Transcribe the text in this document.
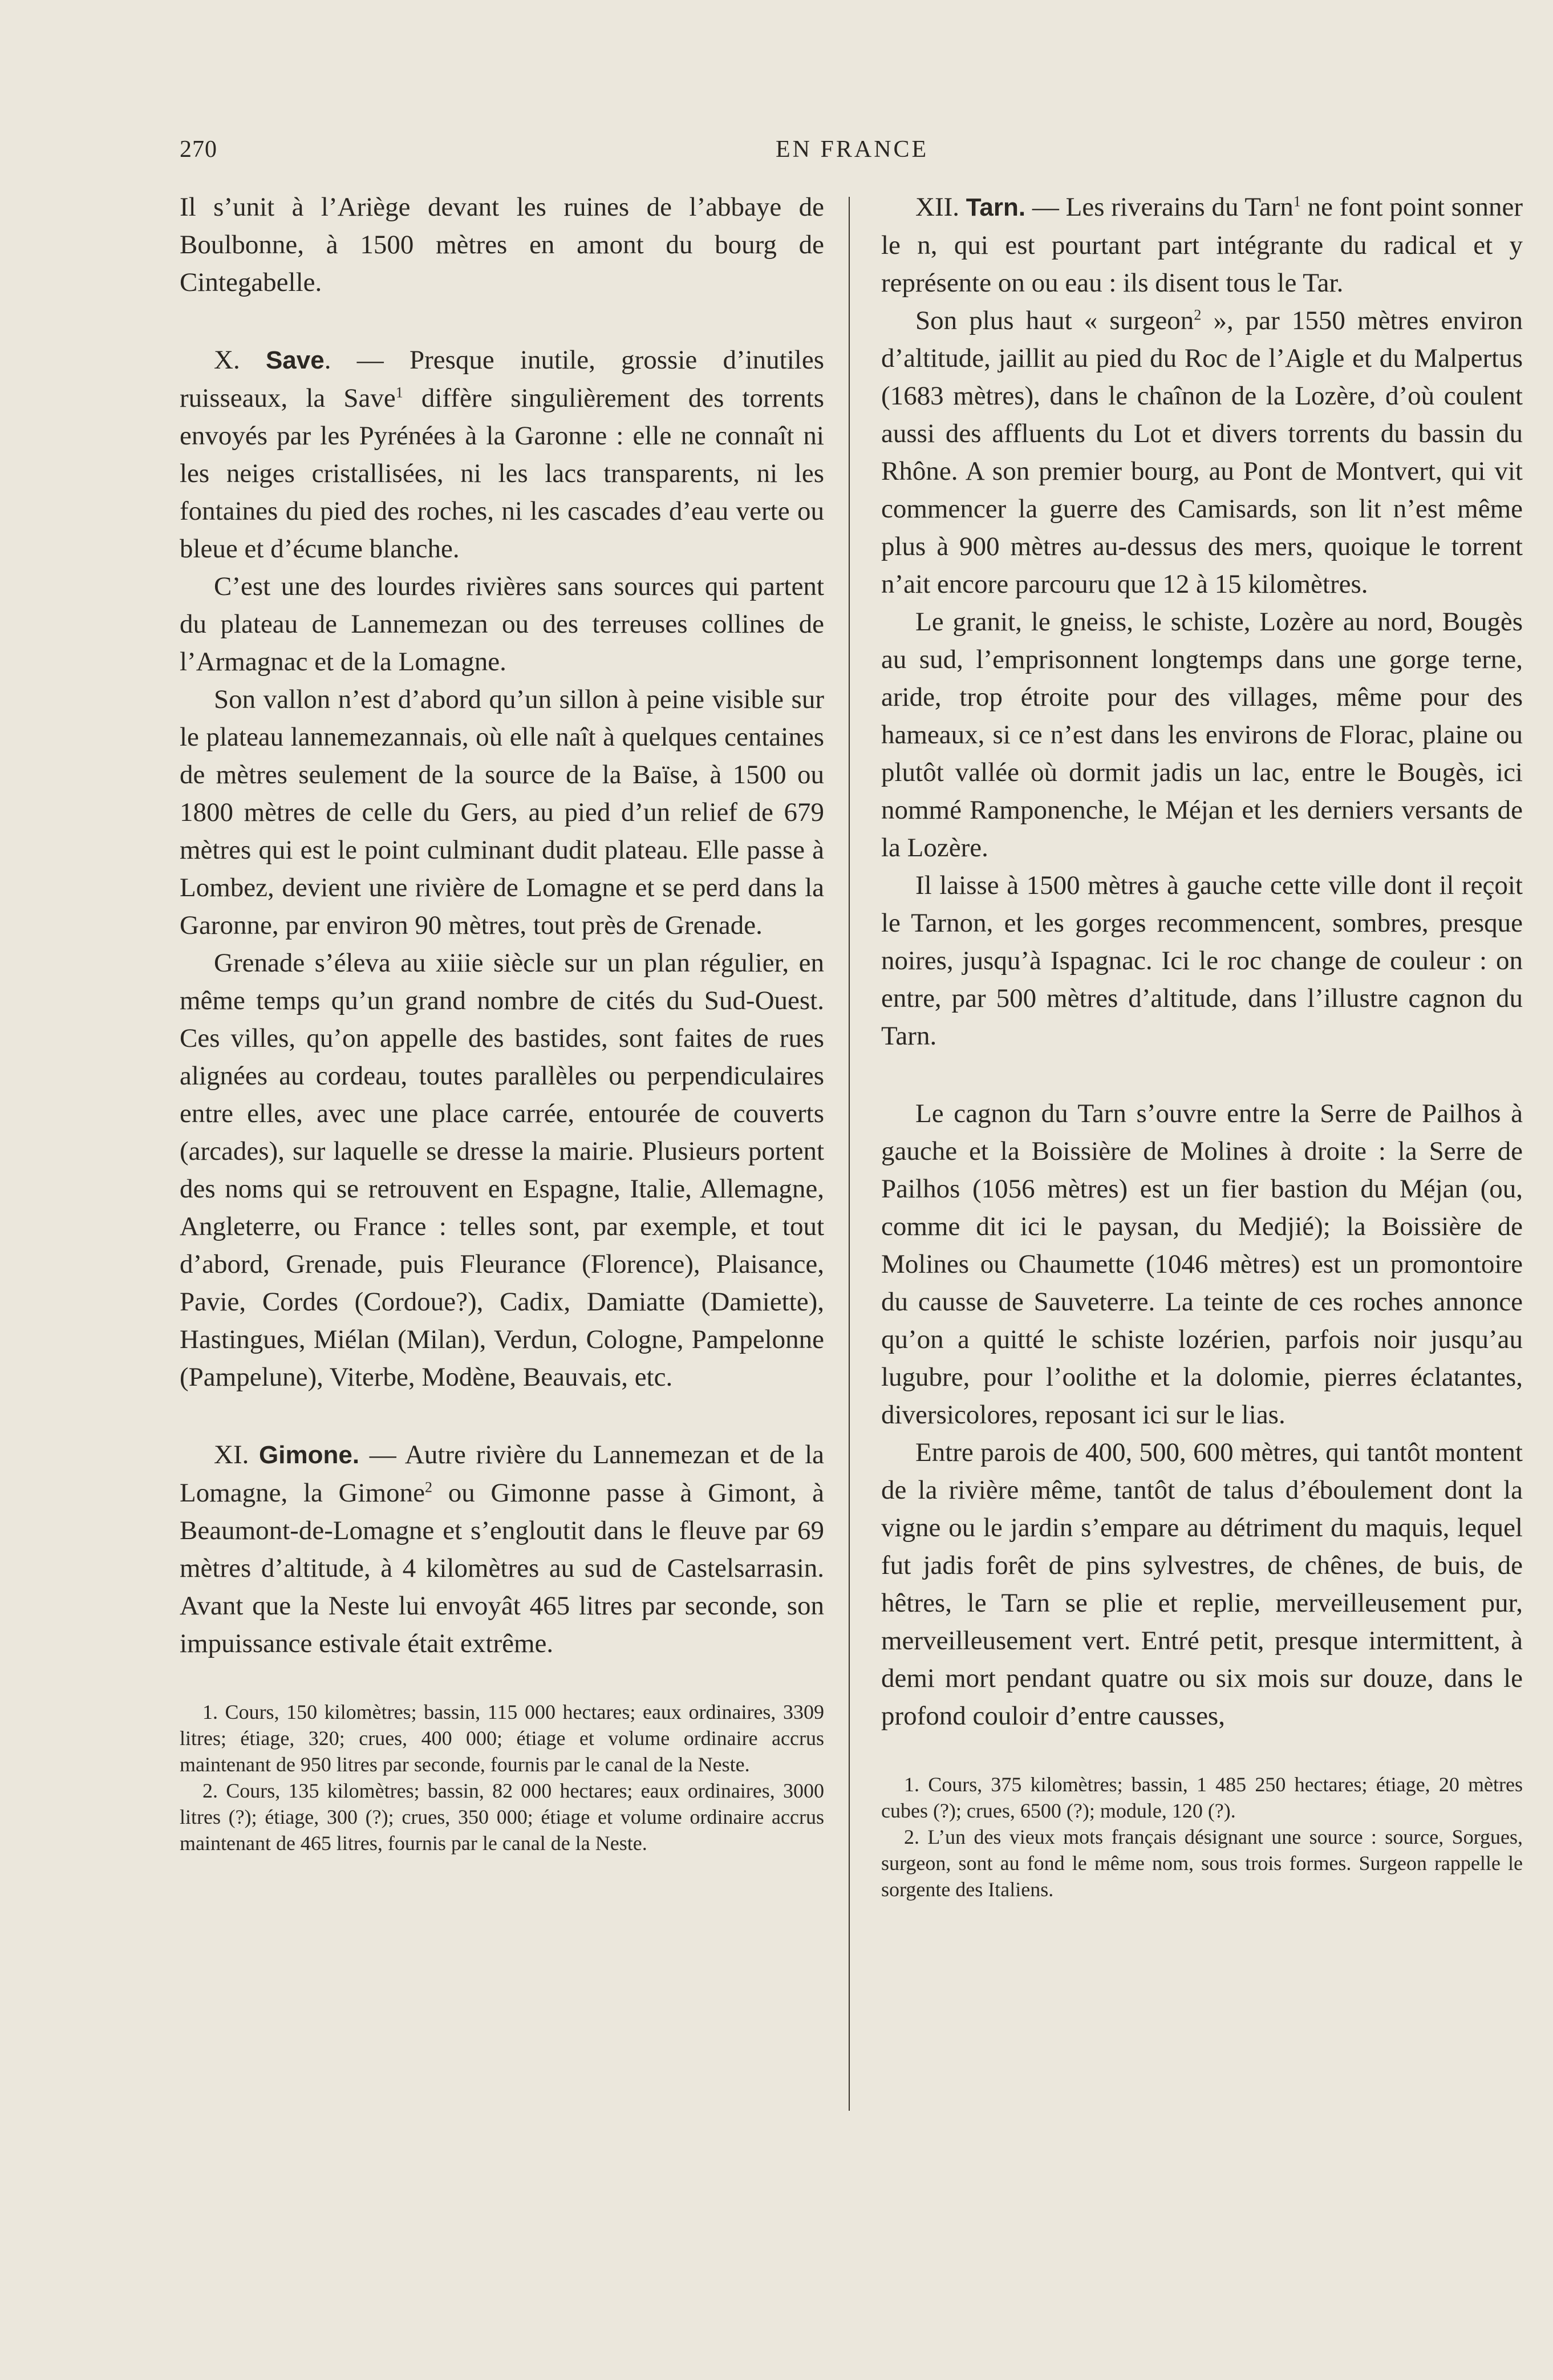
270	EN FRANCE

Il s’unit à l’Ariège devant les ruines de l’abbaye de Boulbonne, à 1500 mètres en amont du bourg de Cintegabelle.

X. Save. — Presque inutile, grossie d’inutiles ruisseaux, la Save$^1$ diffère singulièrement des torrents envoyés par les Pyrénées à la Garonne : elle ne connaît ni les neiges cristallisées, ni les lacs transparents, ni les fontaines du pied des roches, ni les cascades d’eau verte ou bleue et d’écume blanche.

C’est une des lourdes rivières sans sources qui partent du plateau de Lannemezan ou des terreuses collines de l’Armagnac et de la Lomagne.

Son vallon n’est d’abord qu’un sillon à peine visible sur le plateau lannemezannais, où elle naît à quelques centaines de mètres seulement de la source de la Baïse, à 1500 ou 1800 mètres de celle du Gers, au pied d’un relief de 679 mètres qui est le point culminant dudit plateau. Elle passe à Lombez, devient une rivière de Lomagne et se perd dans la Garonne, par environ 90 mètres, tout près de Grenade.

Grenade s’éleva au xiiie siècle sur un plan régulier, en même temps qu’un grand nombre de cités du Sud-Ouest. Ces villes, qu’on appelle des bastides, sont faites de rues alignées au cordeau, toutes parallèles ou perpendiculaires entre elles, avec une place carrée, entourée de couverts (arcades), sur laquelle se dresse la mairie. Plusieurs portent des noms qui se retrouvent en Espagne, Italie, Allemagne, Angleterre, ou France : telles sont, par exemple, et tout d’abord, Grenade, puis Fleurance (Florence), Plaisance, Pavie, Cordes (Cordoue?), Cadix, Damiatte (Damiette), Hastingues, Miélan (Milan), Verdun, Cologne, Pampelonne (Pampelune), Viterbe, Modène, Beauvais, etc.

XI. Gimone. — Autre rivière du Lannemezan et de la Lomagne, la Gimone$^2$ ou Gimonne passe à Gimont, à Beaumont-de-Lomagne et s’engloutit dans le fleuve par 69 mètres d’altitude, à 4 kilomètres au sud de Castelsarrasin. Avant que la Neste lui envoyât 465 litres par seconde, son impuissance estivale était extrême.

1. Cours, 150 kilomètres; bassin, 115 000 hectares; eaux ordinaires, 3309 litres; étiage, 320; crues, 400 000; étiage et volume ordinaire accrus maintenant de 950 litres par seconde, fournis par le canal de la Neste.

2. Cours, 135 kilomètres; bassin, 82 000 hectares; eaux ordinaires, 3000 litres (?); étiage, 300 (?); crues, 350 000; étiage et volume ordinaire accrus maintenant de 465 litres, fournis par le canal de la Neste.

XII. Tarn. — Les riverains du Tarn$^1$ ne font point sonner le n, qui est pourtant part intégrante du radical et y représente on ou eau : ils disent tous le Tar.

Son plus haut « surgeon$^2$ », par 1550 mètres environ d’altitude, jaillit au pied du Roc de l’Aigle et du Malpertus (1683 mètres), dans le chaînon de la Lozère, d’où coulent aussi des affluents du Lot et divers torrents du bassin du Rhône. A son premier bourg, au Pont de Montvert, qui vit commencer la guerre des Camisards, son lit n’est même plus à 900 mètres au-dessus des mers, quoique le torrent n’ait encore parcouru que 12 à 15 kilomètres.

Le granit, le gneiss, le schiste, Lozère au nord, Bougès au sud, l’emprisonnent longtemps dans une gorge terne, aride, trop étroite pour des villages, même pour des hameaux, si ce n’est dans les environs de Florac, plaine ou plutôt vallée où dormit jadis un lac, entre le Bougès, ici nommé Ramponenche, le Méjan et les derniers versants de la Lozère.

Il laisse à 1500 mètres à gauche cette ville dont il reçoit le Tarnon, et les gorges recommencent, sombres, presque noires, jusqu’à Ispagnac. Ici le roc change de couleur : on entre, par 500 mètres d’altitude, dans l’illustre cagnon du Tarn.

Le cagnon du Tarn s’ouvre entre la Serre de Pailhos à gauche et la Boissière de Molines à droite : la Serre de Pailhos (1056 mètres) est un fier bastion du Méjan (ou, comme dit ici le paysan, du Medjié); la Boissière de Molines ou Chaumette (1046 mètres) est un promontoire du causse de Sauveterre. La teinte de ces roches annonce qu’on a quitté le schiste lozérien, parfois noir jusqu’au lugubre, pour l’oolithe et la dolomie, pierres éclatantes, diversicolores, reposant ici sur le lias.

Entre parois de 400, 500, 600 mètres, qui tantôt montent de la rivière même, tantôt de talus d’éboulement dont la vigne ou le jardin s’empare au détriment du maquis, lequel fut jadis forêt de pins sylvestres, de chênes, de buis, de hêtres, le Tarn se plie et replie, merveilleusement pur, merveilleusement vert. Entré petit, presque intermittent, à demi mort pendant quatre ou six mois sur douze, dans le profond couloir d’entre causses,

1. Cours, 375 kilomètres; bassin, 1 485 250 hectares; étiage, 20 mètres cubes (?); crues, 6500 (?); module, 120 (?).

2. L’un des vieux mots français désignant une source : source, Sorgues, surgeon, sont au fond le même nom, sous trois formes. Surgeon rappelle le sorgente des Italiens.
